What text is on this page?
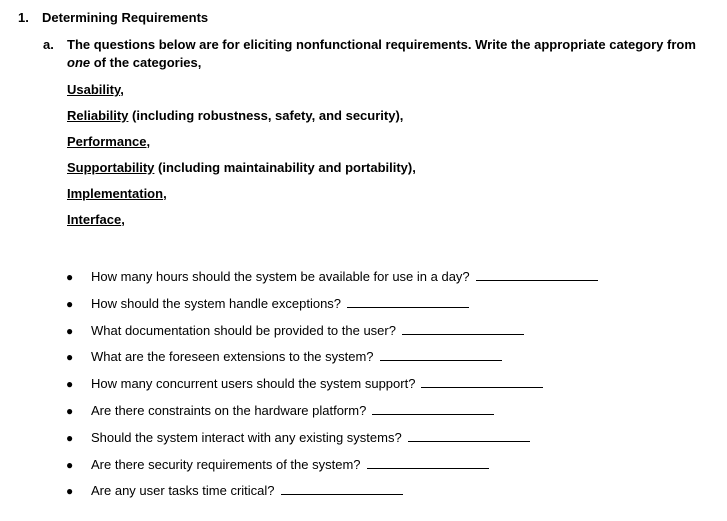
1. Determining Requirements
a. The questions below are for eliciting nonfunctional requirements. Write the appropriate category from one of the categories,
Usability,
Reliability (including robustness, safety, and security),
Performance,
Supportability (including maintainability and portability),
Implementation,
Interface,
● How many hours should the system be available for use in a day?
● How should the system handle exceptions?
● What documentation should be provided to the user?
● What are the foreseen extensions to the system?
● How many concurrent users should the system support?
● Are there constraints on the hardware platform?
● Should the system interact with any existing systems?
● Are there security requirements of the system?
● Are any user tasks time critical?
